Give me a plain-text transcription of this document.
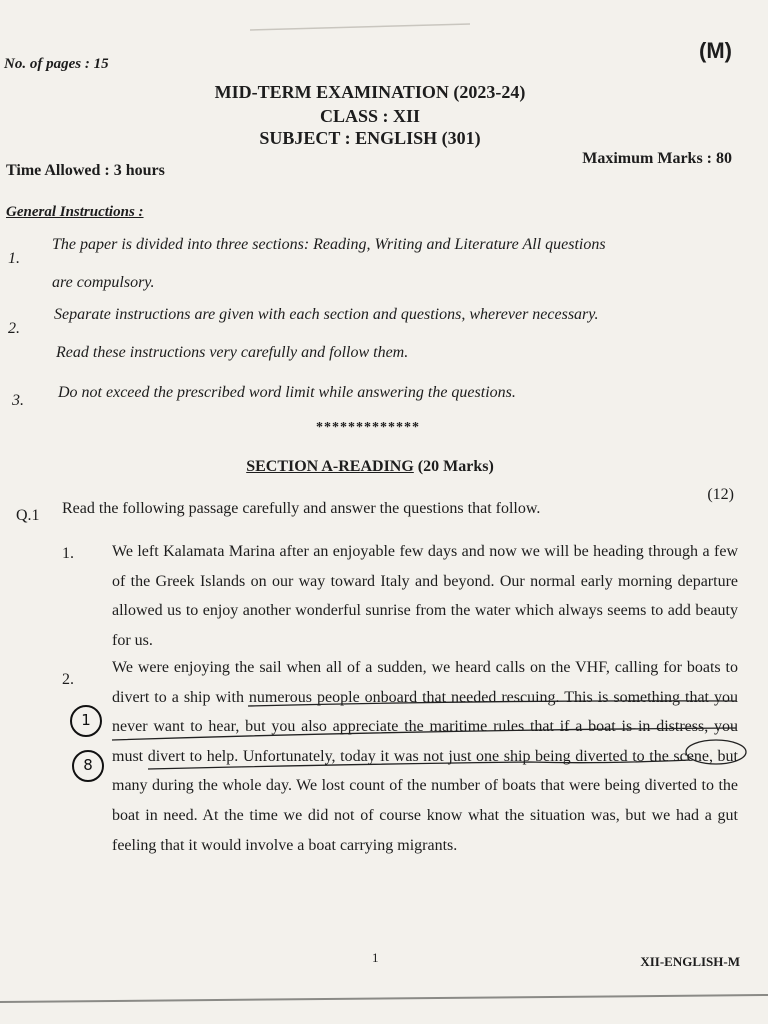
No. of pages : 15
(M)
MID-TERM EXAMINATION (2023-24)
CLASS : XII
SUBJECT : ENGLISH (301)
Time Allowed : 3 hours
Maximum Marks : 80
General Instructions :
1.
The paper is divided into three sections: Reading, Writing and Literature All questions
are compulsory.
2.
Separate instructions are given with each section and questions, wherever necessary.
Read these instructions very carefully and follow them.
3. Do not exceed the prescribed word limit while answering the questions.
*************
SECTION A-READING (20 Marks)
Q.1 Read the following passage carefully and answer the questions that follow.
(12)
1. We left Kalamata Marina after an enjoyable few days and now we will be heading through a few of the Greek Islands on our way toward Italy and beyond. Our normal early morning departure allowed us to enjoy another wonderful sunrise from the water which always seems to add beauty for us.
2.
We were enjoying the sail when all of a sudden, we heard calls on the VHF, calling for boats to divert to a ship with numerous people onboard that needed rescuing. This is something that you never want to hear, but you also appreciate the maritime rules that if a boat is in distress, you must divert to help. Unfortunately, today it was not just one ship being diverted to the scene, but many during the whole day. We lost count of the number of boats that were being diverted to the boat in need. At the time we did not of course know what the situation was, but we had a gut feeling that it would involve a boat carrying migrants.
1
8
1	XII-ENGLISH-M
